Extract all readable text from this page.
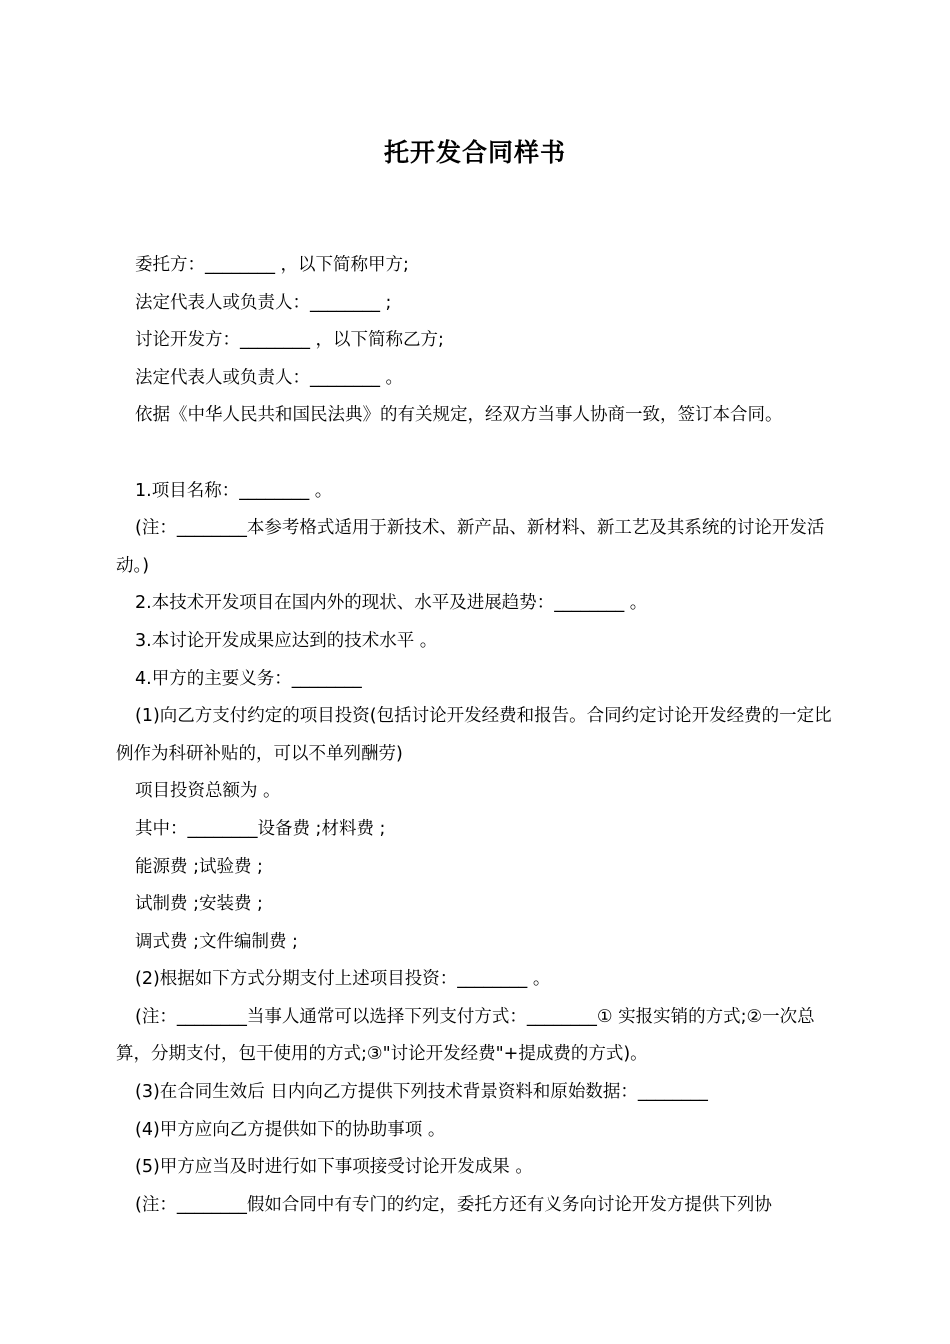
托开发合同样书

委托方：________ ，以下简称甲方;

法定代表人或负责人：________ ;

讨论开发方：________ ，以下简称乙方;

法定代表人或负责人：________ 。

依据《中华人民共和国民法典》的有关规定，经双方当事人协商一致，签订本合同。

1.项目名称：________ 。

(注：________本参考格式适用于新技术、新产品、新材料、新工艺及其系统的讨论开发活动。)

2.本技术开发项目在国内外的现状、水平及进展趋势：________ 。

3.本讨论开发成果应达到的技术水平 。

4.甲方的主要义务：________

(1)向乙方支付约定的项目投资(包括讨论开发经费和报告。合同约定讨论开发经费的一定比例作为科研补贴的，可以不单列酬劳)

项目投资总额为 。

其中：________设备费 ;材料费 ;

能源费 ;试验费 ;

试制费 ;安装费 ;

调式费 ;文件编制费 ;

(2)根据如下方式分期支付上述项目投资：________ 。

(注：________当事人通常可以选择下列支付方式：________① 实报实销的方式;②一次总算，分期支付，包干使用的方式;③"讨论开发经费"+提成费的方式)。

(3)在合同生效后 日内向乙方提供下列技术背景资料和原始数据：________

(4)甲方应向乙方提供如下的协助事项 。

(5)甲方应当及时进行如下事项接受讨论开发成果 。

(注：________假如合同中有专门的约定，委托方还有义务向讨论开发方提供下列协
